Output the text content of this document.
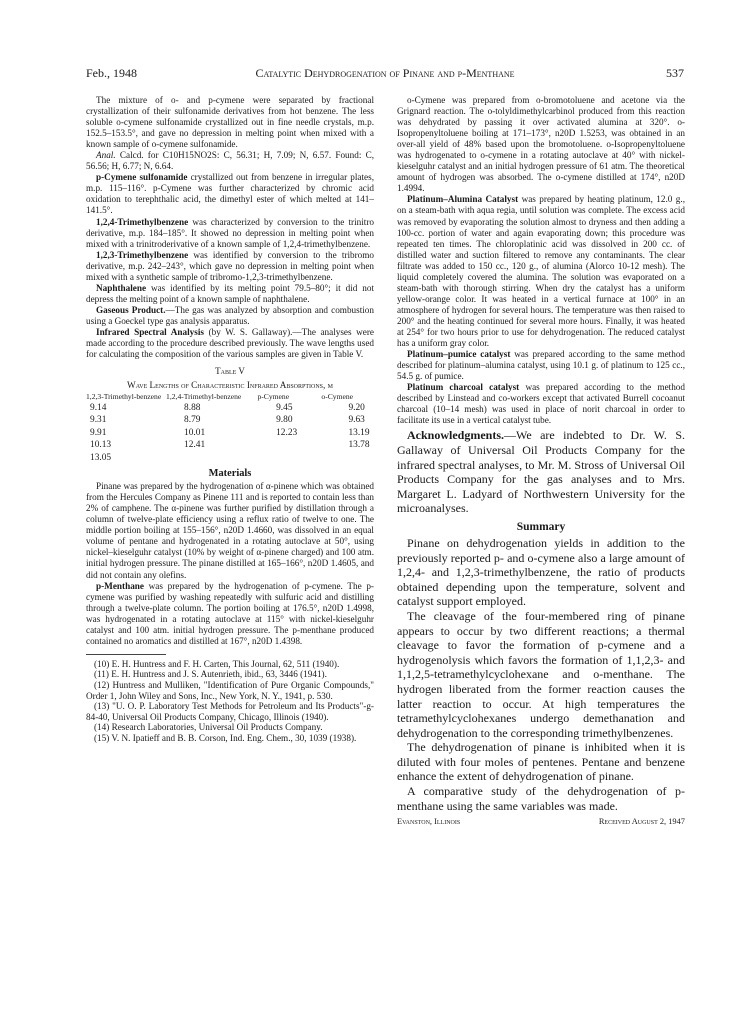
Feb., 1948	Catalytic Dehydrogenation of Pinane and p-Menthane	537

The mixture of o- and p-cymene were separated by fractional crystallization of their sulfonamide derivatives from hot benzene. The less soluble o-cymene sulfonamide crystallized out in fine needle crystals, m.p. 152.5–153.5°, and gave no depression in melting point when mixed with a known sample of o-cymene sulfonamide.

Anal. Calcd. for C10H15NO2S: C, 56.31; H, 7.09; N, 6.57. Found: C, 56.56; H, 6.77; N, 6.64.

p-Cymene sulfonamide crystallized out from benzene in irregular plates, m.p. 115–116°. p-Cymene was further characterized by chromic acid oxidation to terephthalic acid, the dimethyl ester of which melted at 141–141.5°.

1,2,4-Trimethylbenzene was characterized by conversion to the trinitro derivative, m.p. 184–185°. It showed no depression in melting point when mixed with a trinitroderivative of a known sample of 1,2,4-trimethylbenzene.

1,2,3-Trimethylbenzene was identified by conversion to the tribromo derivative, m.p. 242–243°, which gave no depression in melting point when mixed with a synthetic sample of tribromo-1,2,3-trimethylbenzene.

Naphthalene was identified by its melting point 79.5–80°; it did not depress the melting point of a known sample of naphthalene.

Gaseous Product.—The gas was analyzed by absorption and combustion using a Goeckel type gas analysis apparatus.

Infrared Spectral Analysis (by W. S. Gallaway).—The analyses were made according to the procedure described previously. The wave lengths used for calculating the composition of the various samples are given in Table V.

Table V
Wave Lengths of Characteristic Infrared Absorptions, μ
1,2,3-Trimethyl-benzene	1,2,4-Trimethyl-benzene	p-Cymene	o-Cymene
9.14	8.88	9.45	9.20
9.31	8.79	9.80	9.63
9.91	10.01	12.23	13.19
10.13	12.41		13.78
13.05			
Materials

Pinane was prepared by the hydrogenation of α-pinene which was obtained from the Hercules Company as Pinene 111 and is reported to contain less than 2% of camphene. The α-pinene was further purified by distillation through a column of twelve-plate efficiency using a reflux ratio of twelve to one. The middle portion boiling at 155–156°, n20D 1.4660, was dissolved in an equal volume of pentane and hydrogenated in a rotating autoclave at 50°, using nickel–kieselguhr catalyst (10% by weight of α-pinene charged) and 100 atm. initial hydrogen pressure. The pinane distilled at 165–166°, n20D 1.4605, and did not contain any olefins.

p-Menthane was prepared by the hydrogenation of p-cymene. The p-cymene was purified by washing repeatedly with sulfuric acid and distilling through a twelve-plate column. The portion boiling at 176.5°, n20D 1.4998, was hydrogenated in a rotating autoclave at 115° with nickel-kieselguhr catalyst and 100 atm. initial hydrogen pressure. The p-menthane produced contained no aromatics and distilled at 167°, n20D 1.4398.

(10) E. H. Huntress and F. H. Carten, This Journal, 62, 511 (1940).

(11) E. H. Huntress and J. S. Autenrieth, ibid., 63, 3446 (1941).

(12) Huntress and Mulliken, "Identification of Pure Organic Compounds," Order 1, John Wiley and Sons, Inc., New York, N. Y., 1941, p. 530.

(13) "U. O. P. Laboratory Test Methods for Petroleum and Its Products"-g-84-40, Universal Oil Products Company, Chicago, Illinois (1940).

(14) Research Laboratories, Universal Oil Products Company.

(15) V. N. Ipatieff and B. B. Corson, Ind. Eng. Chem., 30, 1039 (1938).

o-Cymene was prepared from o-bromotoluene and acetone via the Grignard reaction. The o-tolyldimethylcarbinol produced from this reaction was dehydrated by passing it over activated alumina at 320°. o-Isopropenyltoluene boiling at 171–173°, n20D 1.5253, was obtained in an over-all yield of 48% based upon the bromotoluene. o-Isopropenyltoluene was hydrogenated to o-cymene in a rotating autoclave at 40° with nickel-kieselguhr catalyst and an initial hydrogen pressure of 61 atm. The theoretical amount of hydrogen was absorbed. The o-cymene distilled at 174°, n20D 1.4994.

Platinum–Alumina Catalyst was prepared by heating platinum, 12.0 g., on a steam-bath with aqua regia, until solution was complete. The excess acid was removed by evaporating the solution almost to dryness and then adding a 100-cc. portion of water and again evaporating down; this procedure was repeated ten times. The chloroplatinic acid was dissolved in 200 cc. of distilled water and suction filtered to remove any contaminants. The clear filtrate was added to 150 cc., 120 g., of alumina (Alorco 10-12 mesh). The liquid completely covered the alumina. The solution was evaporated on a steam-bath with thorough stirring. When dry the catalyst has a uniform yellow-orange color. It was heated in a vertical furnace at 100° in an atmosphere of hydrogen for several hours. The temperature was then raised to 200° and the heating continued for several more hours. Finally, it was heated at 254° for two hours prior to use for dehydrogenation. The reduced catalyst has a uniform gray color.

Platinum–pumice catalyst was prepared according to the same method described for platinum–alumina catalyst, using 10.1 g. of platinum to 125 cc., 54.5 g. of pumice.

Platinum charcoal catalyst was prepared according to the method described by Linstead and co-workers except that activated Burrell cocoanut charcoal (10–14 mesh) was used in place of norit charcoal in order to facilitate its use in a vertical catalyst tube.

Acknowledgments.—We are indebted to Dr. W. S. Gallaway of Universal Oil Products Company for the infrared spectral analyses, to Mr. M. Stross of Universal Oil Products Company for the gas analyses and to Mrs. Margaret L. Ladyard of Northwestern University for the microanalyses.

Summary

Pinane on dehydrogenation yields in addition to the previously reported p- and o-cymene also a large amount of 1,2,4- and 1,2,3-trimethylbenzene, the ratio of products obtained depending upon the temperature, solvent and catalyst support employed.

The cleavage of the four-membered ring of pinane appears to occur by two different reactions; a thermal cleavage to favor the formation of p-cymene and a hydrogenolysis which favors the formation of 1,1,2,3- and 1,1,2,5-tetramethylcyclohexane and o-menthane. The hydrogen liberated from the former reaction causes the latter reaction to occur. At high temperatures the tetramethylcyclohexanes undergo demethanation and dehydrogenation to the corresponding trimethylbenzenes.

The dehydrogenation of pinane is inhibited when it is diluted with four moles of pentenes. Pentane and benzene enhance the extent of dehydrogenation of pinane.

A comparative study of the dehydrogenation of p-menthane using the same variables was made.

Evanston, Illinois	Received August 2, 1947
